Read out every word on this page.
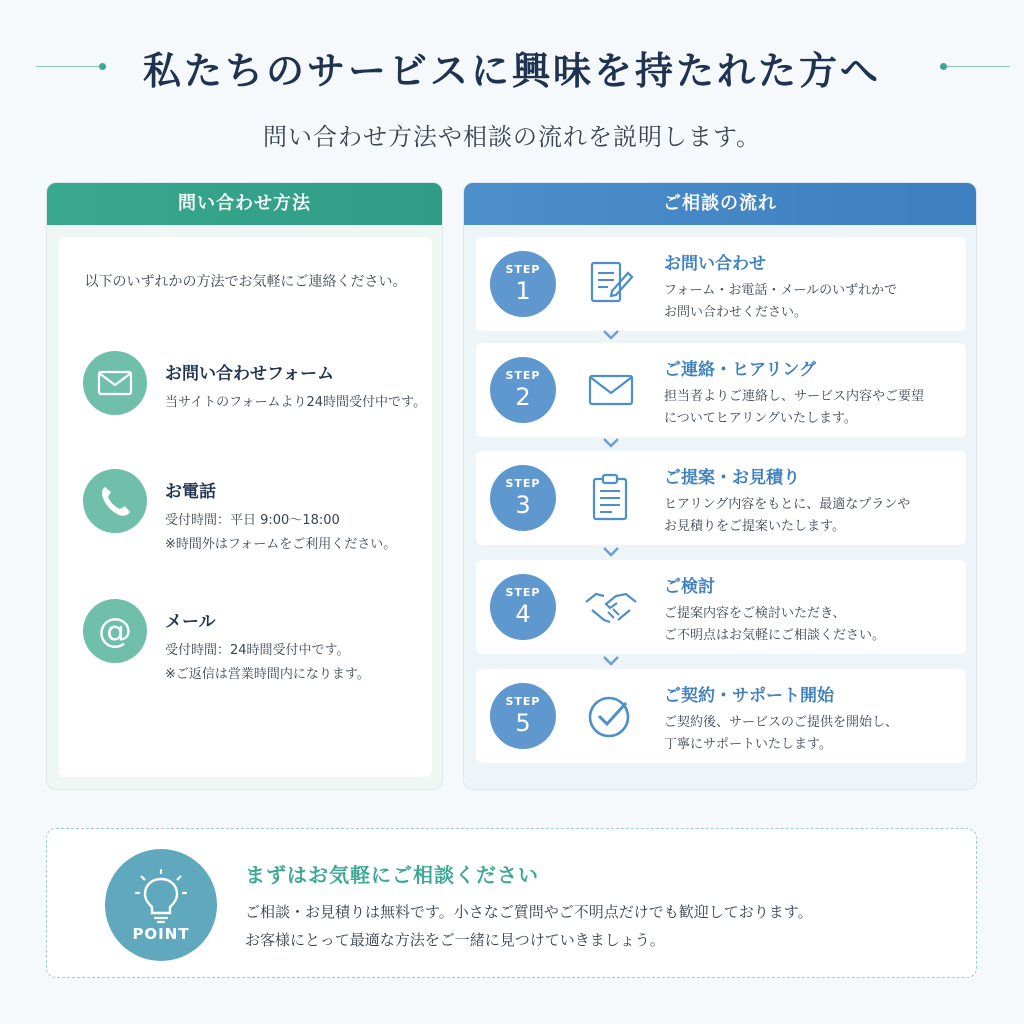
私たちのサービスに興味を持たれた方へ
問い合わせ方法や相談の流れを説明します。
問い合わせ方法
以下のいずれかの方法でお気軽にご連絡ください。
お問い合わせフォーム
当サイトのフォームより24時間受付中です。
お電話
受付時間：平日 9:00〜18:00
※時間外はフォームをご利用ください。
@ メール
受付時間：24時間受付中です。
※ご返信は営業時間内になります。
ご相談の流れ
STEP
1
お問い合わせ
フォーム・お電話・メールのいずれかで
お問い合わせください。
STEP
2
ご連絡・ヒアリング
担当者よりご連絡し、サービス内容やご要望
についてヒアリングいたします。
STEP
3
ご提案・お見積り
ヒアリング内容をもとに、最適なプランや
お見積りをご提案いたします。
STEP
4
ご検討
ご提案内容をご検討いただき、
ご不明点はお気軽にご相談ください。
STEP
5
ご契約・サポート開始
ご契約後、サービスのご提供を開始し、
丁寧にサポートいたします。
POINT
まずはお気軽にご相談ください
ご相談・お見積りは無料です。小さなご質問やご不明点だけでも歓迎しております。
お客様にとって最適な方法をご一緒に見つけていきましょう。
